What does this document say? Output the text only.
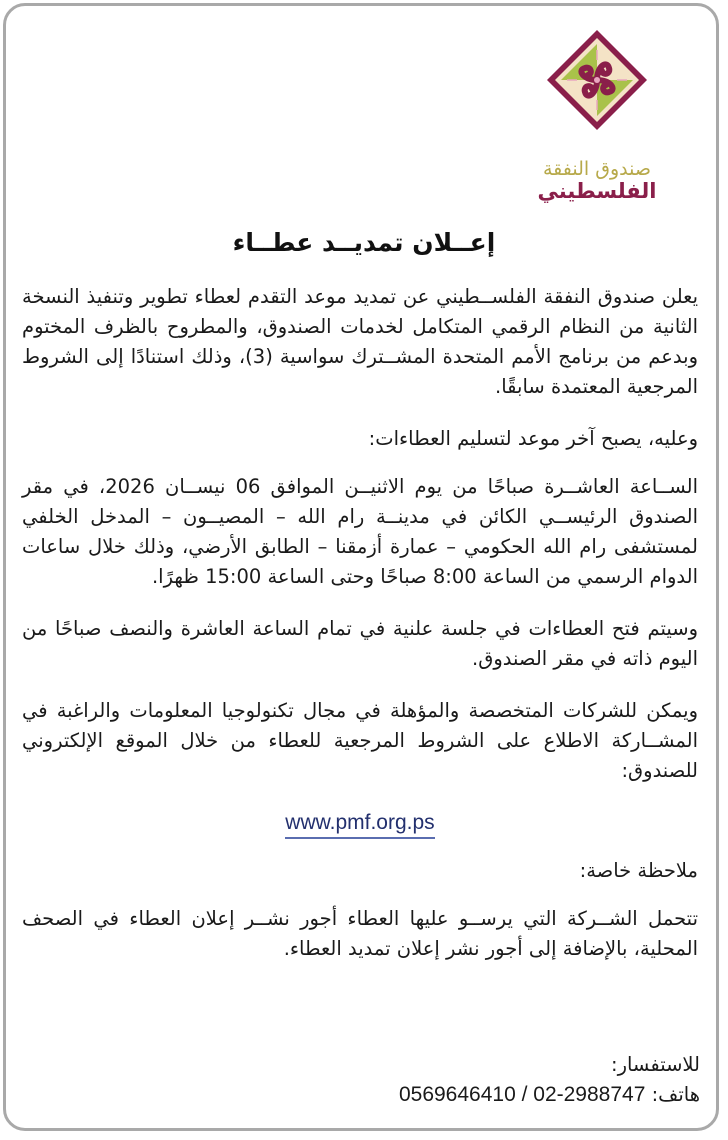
صندوق النفقة
الفلسطيني
إعــلان تمديــد عطــاء

يعلن صندوق النفقة الفلســطيني عن تمديد موعد التقدم لعطاء تطوير وتنفيذ النسخة الثانية من النظام الرقمي المتكامل لخدمات الصندوق، والمطروح بالظرف المختوم وبدعم من برنامج الأمم المتحدة المشــترك سواسية (3)، وذلك استنادًا إلى الشروط المرجعية المعتمدة سابقًا.

وعليه، يصبح آخر موعد لتسليم العطاءات:

الســاعة العاشــرة صباحًا من يوم الاثنيــن الموافق 06 نيســان 2026، في مقر الصندوق الرئيســي الكائن في مدينــة رام الله – المصيــون – المدخل الخلفي لمستشفى رام الله الحكومي – عمارة أزمقنا – الطابق الأرضي، وذلك خلال ساعات الدوام الرسمي من الساعة 8:00 صباحًا وحتى الساعة 15:00 ظهرًا.

وسيتم فتح العطاءات في جلسة علنية في تمام الساعة العاشرة والنصف صباحًا من اليوم ذاته في مقر الصندوق.

ويمكن للشركات المتخصصة والمؤهلة في مجال تكنولوجيا المعلومات والراغبة في المشــاركة الاطلاع على الشروط المرجعية للعطاء من خلال الموقع الإلكتروني للصندوق:

www.pmf.org.ps

ملاحظة خاصة:

تتحمل الشــركة التي يرســو عليها العطاء أجور نشــر إعلان العطاء في الصحف المحلية، بالإضافة إلى أجور نشر إعلان تمديد العطاء.

للاستفسار:
هاتف: 0569646410 / 02-2988747
